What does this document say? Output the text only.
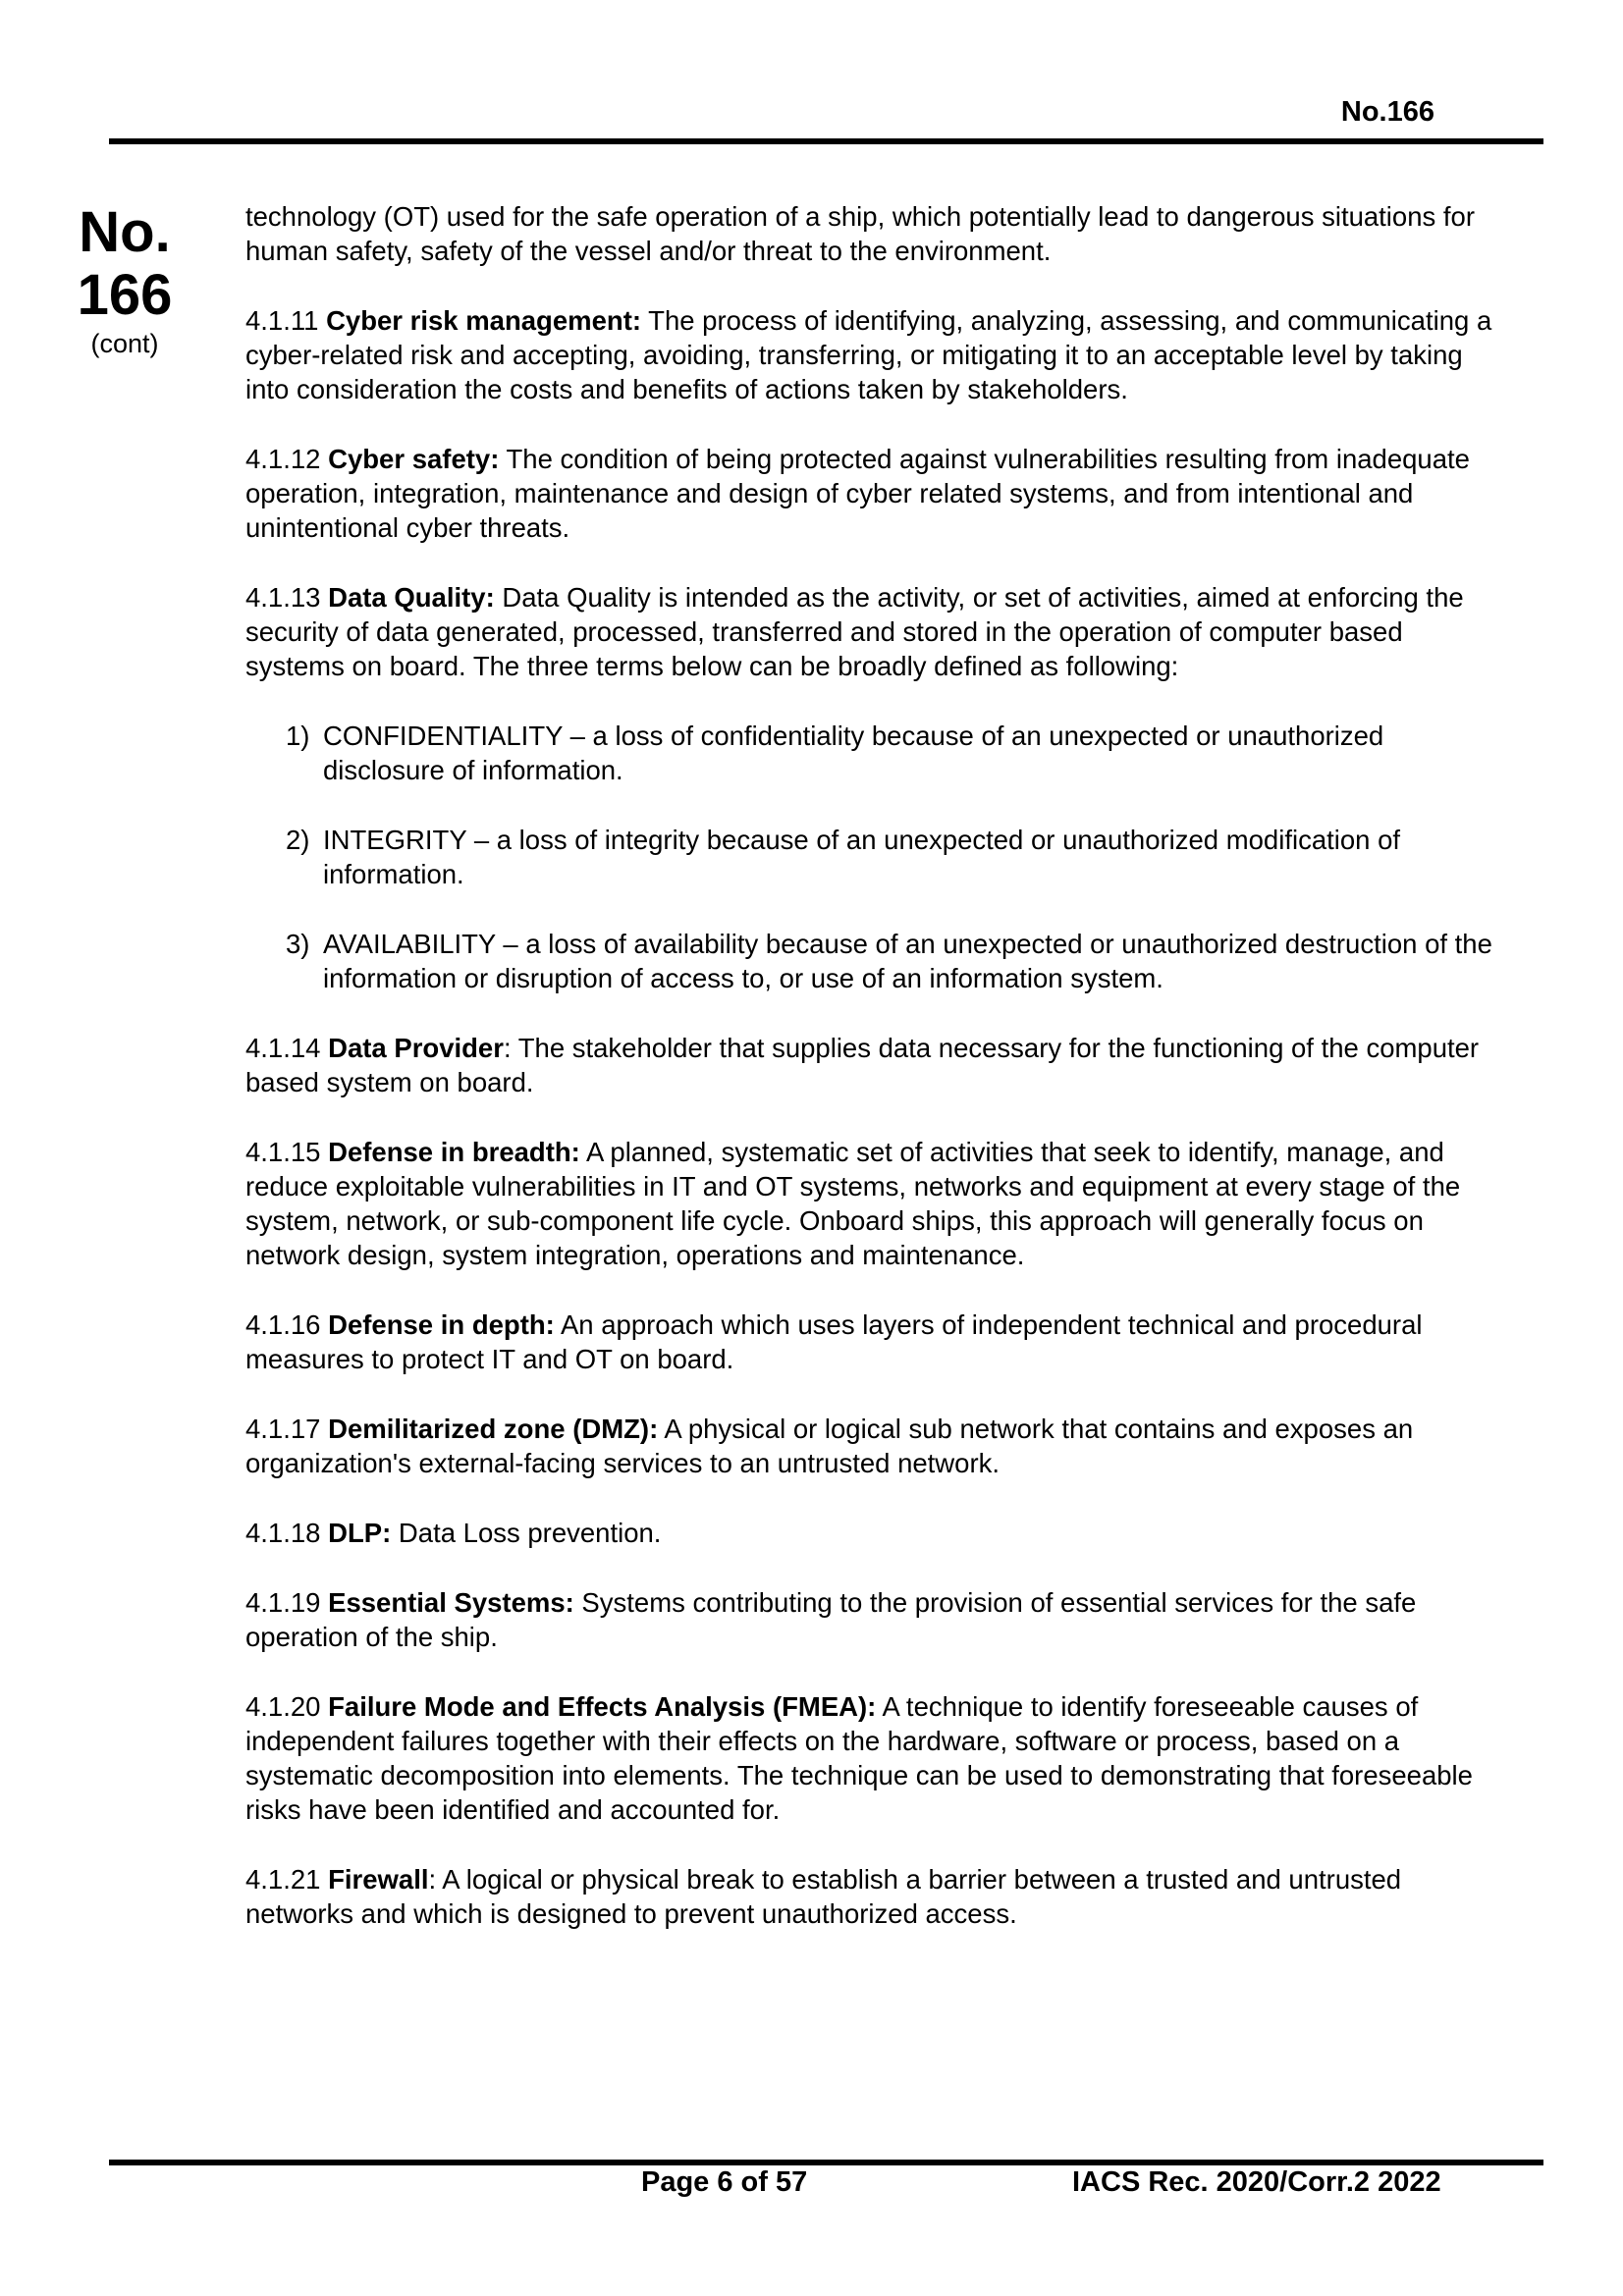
No.166
No.
166
(cont)

technology (OT) used for the safe operation of a ship, which potentially lead to dangerous situations for human safety, safety of the vessel and/or threat to the environment.

4.1.11 Cyber risk management: The process of identifying, analyzing, assessing, and communicating a cyber-related risk and accepting, avoiding, transferring, or mitigating it to an acceptable level by taking into consideration the costs and benefits of actions taken by stakeholders.

4.1.12 Cyber safety: The condition of being protected against vulnerabilities resulting from inadequate operation, integration, maintenance and design of cyber related systems, and from intentional and unintentional cyber threats.

4.1.13 Data Quality: Data Quality is intended as the activity, or set of activities, aimed at enforcing the security of data generated, processed, transferred and stored in the operation of computer based systems on board. The three terms below can be broadly defined as following:

1) CONFIDENTIALITY – a loss of confidentiality because of an unexpected or unauthorized disclosure of information.
2) INTEGRITY – a loss of integrity because of an unexpected or unauthorized modification of information.
3) AVAILABILITY – a loss of availability because of an unexpected or unauthorized destruction of the information or disruption of access to, or use of an information system.

4.1.14 Data Provider: The stakeholder that supplies data necessary for the functioning of the computer based system on board.

4.1.15 Defense in breadth: A planned, systematic set of activities that seek to identify, manage, and reduce exploitable vulnerabilities in IT and OT systems, networks and equipment at every stage of the system, network, or sub-component life cycle. Onboard ships, this approach will generally focus on network design, system integration, operations and maintenance.

4.1.16 Defense in depth: An approach which uses layers of independent technical and procedural measures to protect IT and OT on board.

4.1.17 Demilitarized zone (DMZ): A physical or logical sub network that contains and exposes an organization's external-facing services to an untrusted network.

4.1.18 DLP: Data Loss prevention.

4.1.19 Essential Systems: Systems contributing to the provision of essential services for the safe operation of the ship.

4.1.20 Failure Mode and Effects Analysis (FMEA): A technique to identify foreseeable causes of independent failures together with their effects on the hardware, software or process, based on a systematic decomposition into elements. The technique can be used to demonstrating that foreseeable risks have been identified and accounted for.

4.1.21 Firewall: A logical or physical break to establish a barrier between a trusted and untrusted networks and which is designed to prevent unauthorized access.

Page 6 of 57	IACS Rec. 2020/Corr.2 2022
